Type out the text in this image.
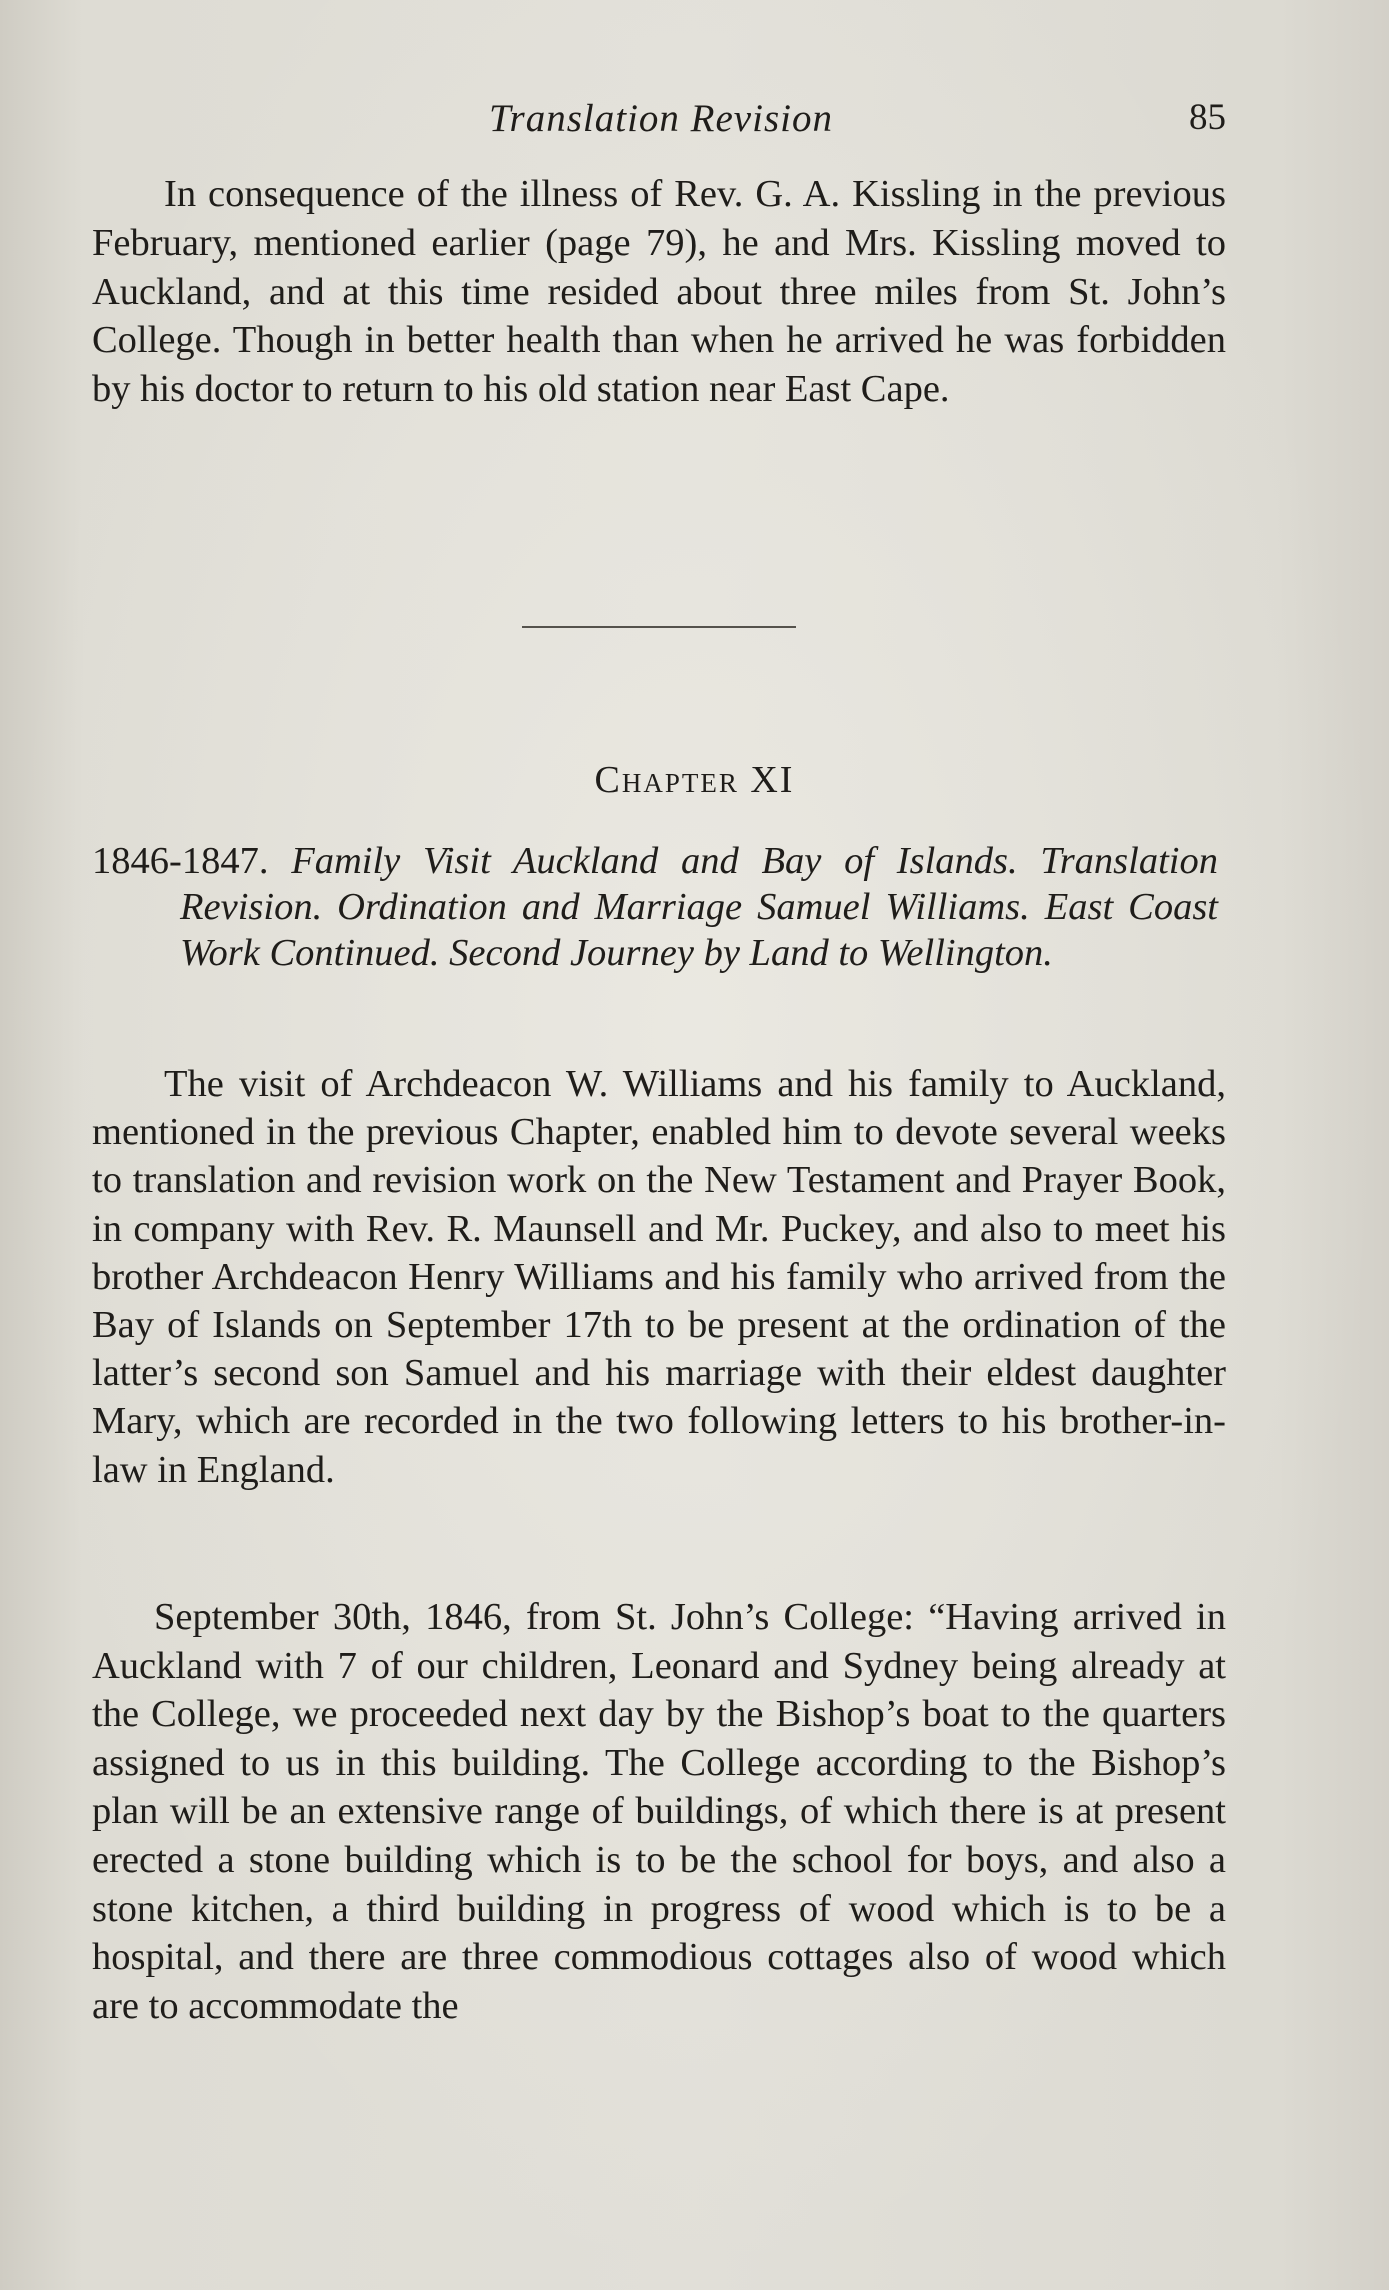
Translation Revision	85

In consequence of the illness of Rev. G. A. Kissling in the previous February, mentioned earlier (page 79), he and Mrs. Kissling moved to Auckland, and at this time resided about three miles from St. John’s College. Though in better health than when he arrived he was forbidden by his doctor to return to his old station near East Cape.

Chapter XI
1846-1847. Family Visit Auckland and Bay of Islands. Translation Revision. Ordination and Marriage Samuel Williams. East Coast Work Continued. Second Journey by Land to Wellington.

The visit of Archdeacon W. Williams and his family to Auckland, mentioned in the previous Chapter, enabled him to devote several weeks to translation and revision work on the New Testament and Prayer Book, in company with Rev. R. Maunsell and Mr. Puckey, and also to meet his brother Archdeacon Henry Williams and his family who arrived from the Bay of Islands on September 17th to be present at the ordination of the latter’s second son Samuel and his marriage with their eldest daughter Mary, which are recorded in the two following letters to his brother-in-law in England.

September 30th, 1846, from St. John’s College: “Having arrived in Auckland with 7 of our children, Leonard and Sydney being already at the College, we proceeded next day by the Bishop’s boat to the quarters assigned to us in this building. The College according to the Bishop’s plan will be an extensive range of buildings, of which there is at present erected a stone building which is to be the school for boys, and also a stone kitchen, a third building in progress of wood which is to be a hospital, and there are three commodious cottages also of wood which are to accommodate the
